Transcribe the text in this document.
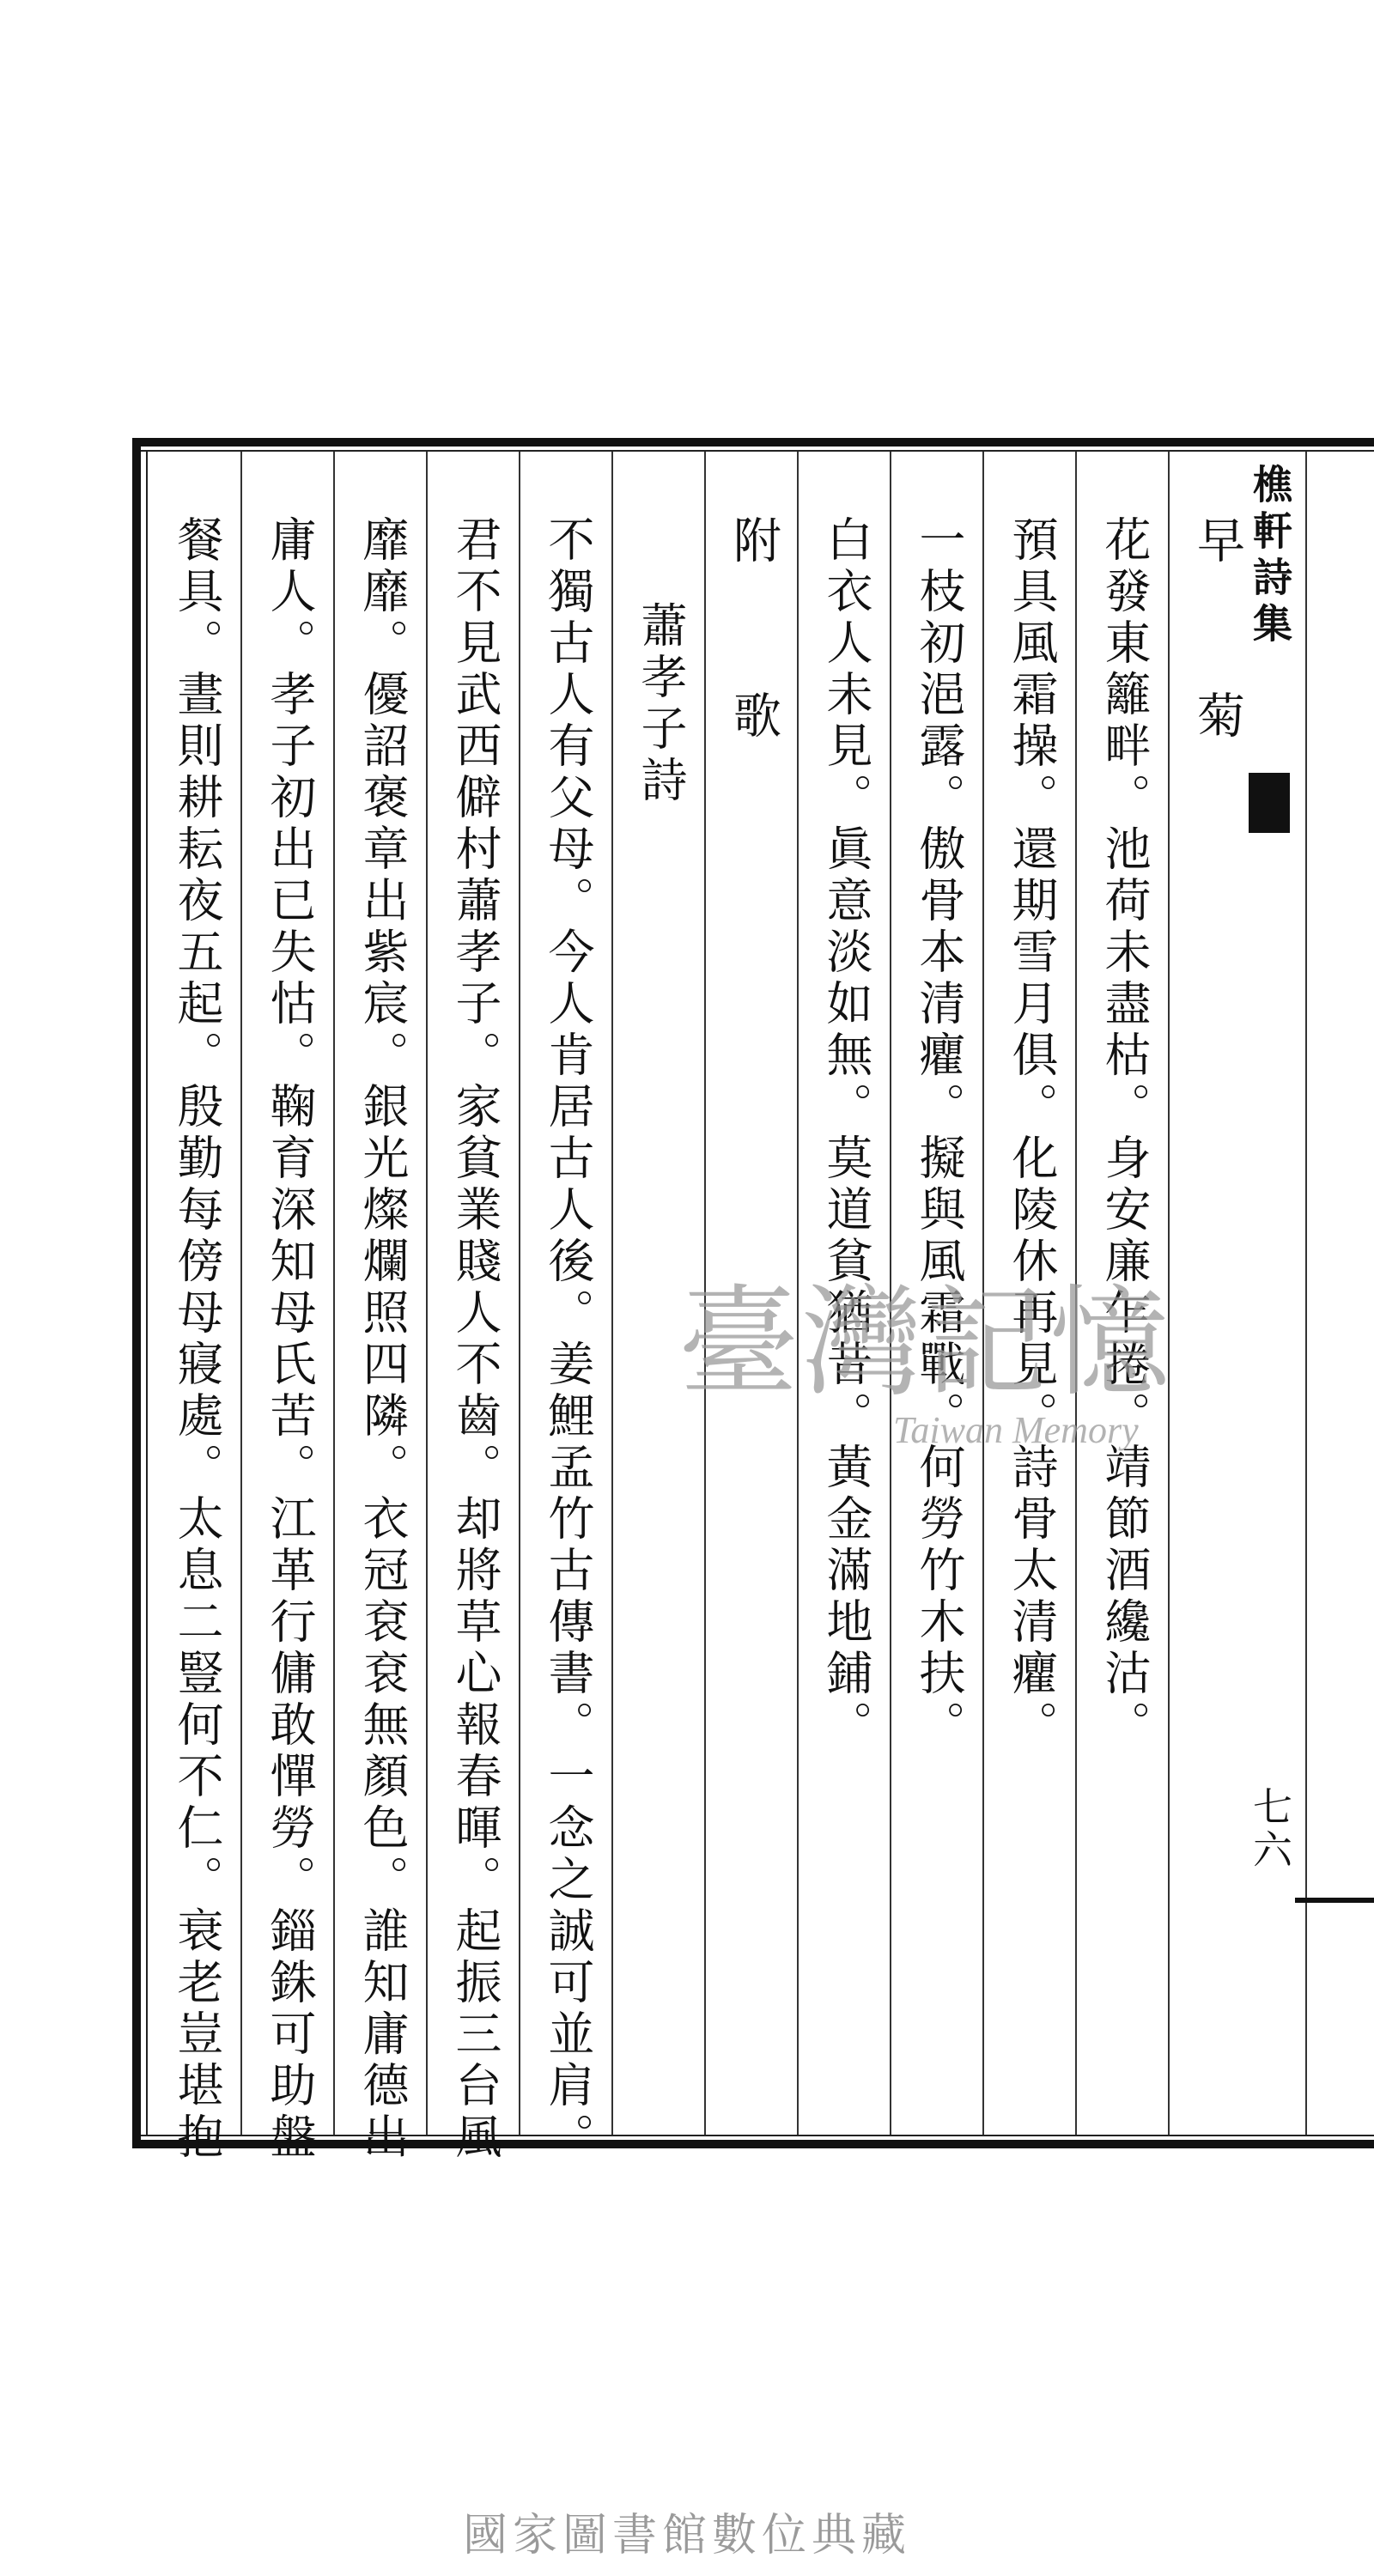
樵軒詩集
七六
早　菊
花發東籬畔。池荷未盡枯。身安廉乍捲。靖節酒纔沽。
預具風霜操。還期雪月俱。化陵休再見。詩骨太清癯。
一枝初浥露。傲骨本清癯。擬與風霜戰。何勞竹木扶。
白衣人未見。眞意淡如無。莫道貧猶昔。黃金滿地鋪。
附　歌
蕭孝子詩
不獨古人有父母。今人肯居古人後。姜鯉孟竹古傳書。一念之誠可並肩。
君不見武西僻村蕭孝子。家貧業賤人不齒。却將草心報春暉。起振三台風
靡靡。優詔褒章出紫宸。銀光燦爛照四隣。衣冠袞袞無顏色。誰知庸德出
庸人。孝子初出已失怙。鞠育深知母氏苦。江革行傭敢憚勞。錙銖可助盤
餐具。晝則耕耘夜五起。殷勤每傍母寢處。太息二豎何不仁。衰老豈堪抱	臺灣記憶
Taiwan Memory
國家圖書館數位典藏
